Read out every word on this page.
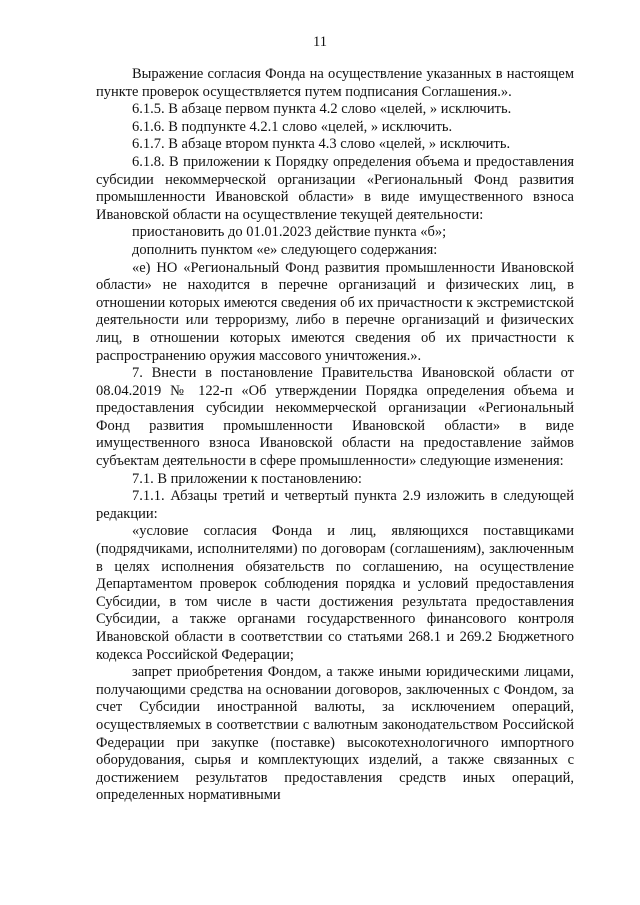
11

Выражение согласия Фонда на осуществление указанных в настоящем пункте проверок осуществляется путем подписания Соглашения.».

6.1.5. В абзаце первом пункта 4.2 слово «целей, » исключить.

6.1.6. В подпункте 4.2.1 слово «целей, » исключить.

6.1.7. В абзаце втором пункта 4.3 слово «целей, » исключить.

6.1.8. В приложении к Порядку определения объема и предоставления субсидии некоммерческой организации «Региональный Фонд развития промышленности Ивановской области» в виде имущественного взноса Ивановской области на осуществление текущей деятельности:

приостановить до 01.01.2023 действие пункта «б»;

дополнить пунктом «е» следующего содержания:

«е) НО «Региональный Фонд развития промышленности Ивановской области» не находится в перечне организаций и физических лиц, в отношении которых имеются сведения об их причастности к экстремистской деятельности или терроризму, либо в перечне организаций и физических лиц, в отношении которых имеются сведения об их причастности к распространению оружия массового уничтожения.».

7. Внести в постановление Правительства Ивановской области от 08.04.2019 № 122-п «Об утверждении Порядка определения объема и предоставления субсидии некоммерческой организации «Региональный Фонд развития промышленности Ивановской области» в виде имущественного взноса Ивановской области на предоставление займов субъектам деятельности в сфере промышленности» следующие изменения:

7.1. В приложении к постановлению:

7.1.1. Абзацы третий и четвертый пункта 2.9 изложить в следующей редакции:

«условие согласия Фонда и лиц, являющихся поставщиками (подрядчиками, исполнителями) по договорам (соглашениям), заключенным в целях исполнения обязательств по соглашению, на осуществление Департаментом проверок соблюдения порядка и условий предоставления Субсидии, в том числе в части достижения результата предоставления Субсидии, а также органами государственного финансового контроля Ивановской области в соответствии со статьями 268.1 и 269.2 Бюджетного кодекса Российской Федерации;

запрет приобретения Фондом, а также иными юридическими лицами, получающими средства на основании договоров, заключенных с Фондом, за счет Субсидии иностранной валюты, за исключением операций, осуществляемых в соответствии с валютным законодательством Российской Федерации при закупке (поставке) высокотехнологичного импортного оборудования, сырья и комплектующих изделий, а также связанных с достижением результатов предоставления средств иных операций, определенных нормативными
